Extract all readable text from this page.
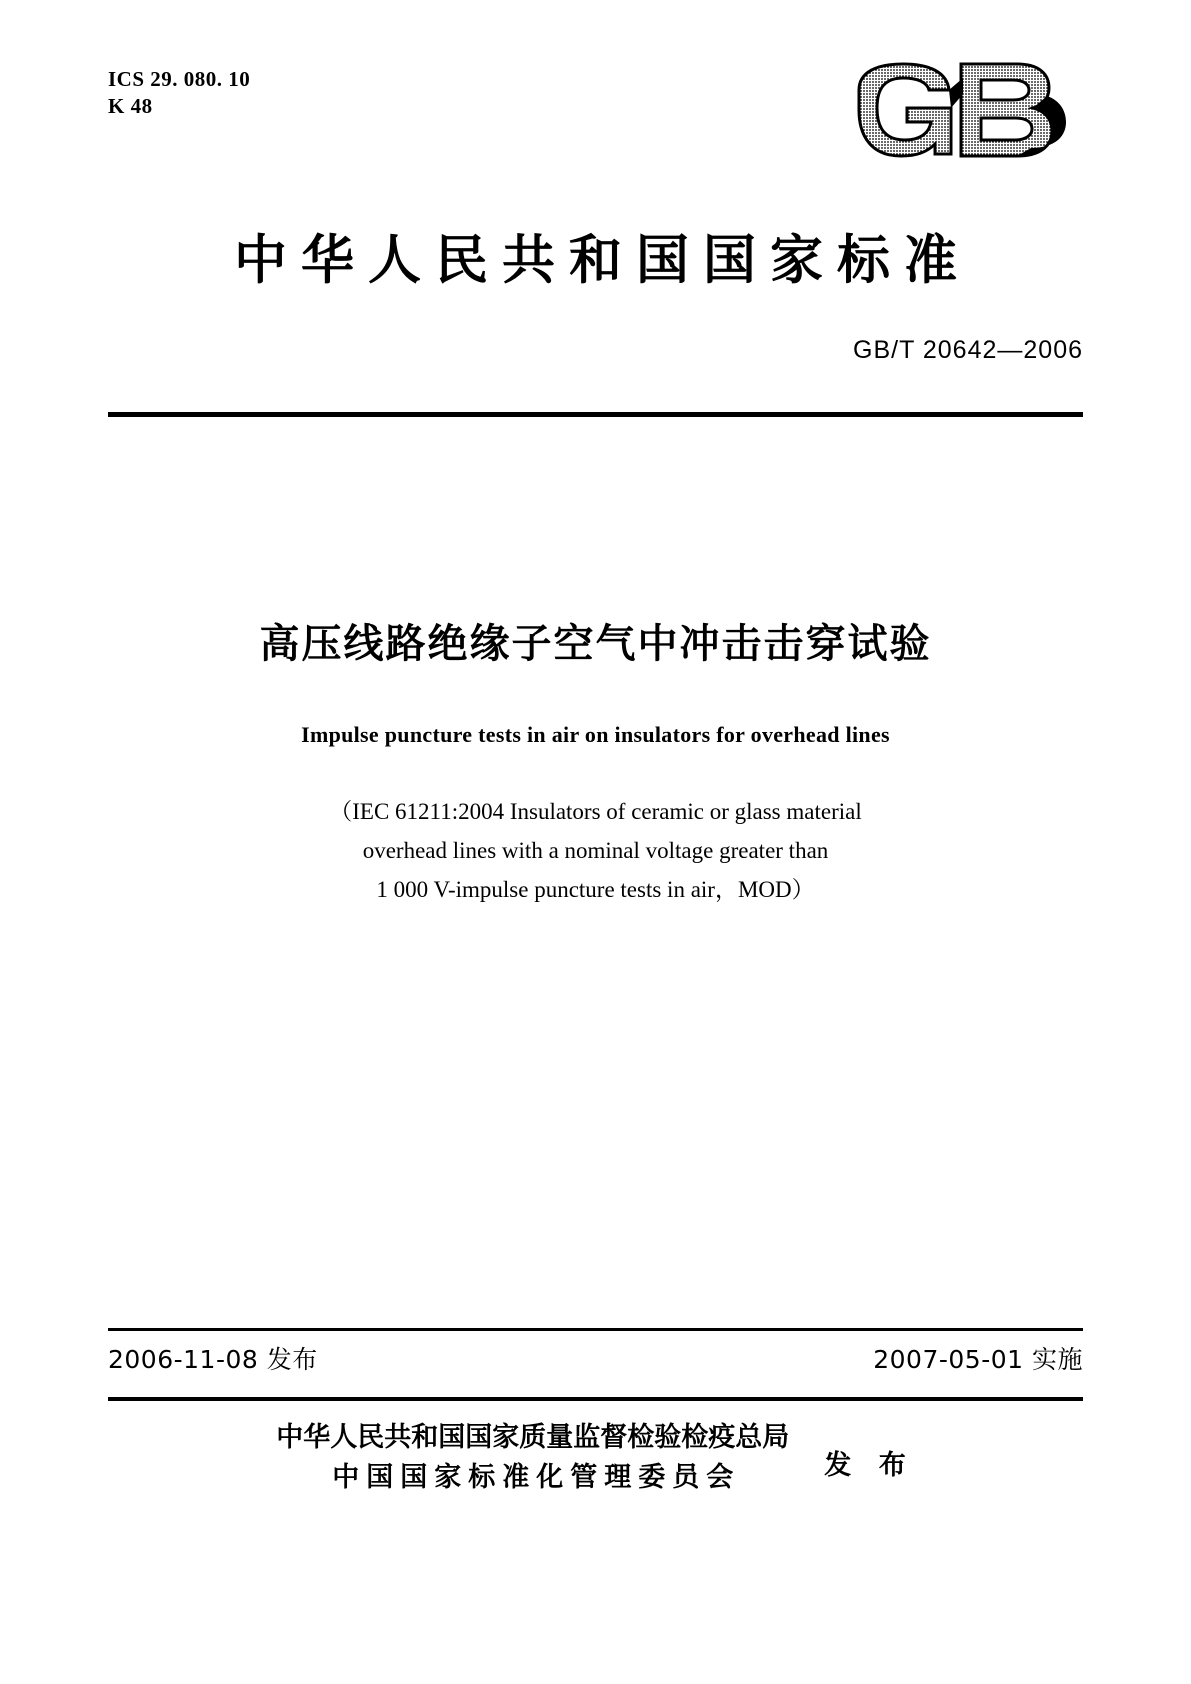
ICS 29. 080. 10
K 48
中华人民共和国国家标准
GB/T 20642—2006
高压线路绝缘子空气中冲击击穿试验
Impulse puncture tests in air on insulators for overhead lines
（IEC 61211:2004 Insulators of ceramic or glass material
overhead lines with a nominal voltage greater than
1 000 V-impulse puncture tests in air，MOD）
2006-11-08 发布	2007-05-01 实施
中华人民共和国国家质量监督检验检疫总局
中国国家标准化管理委员会	发 布
